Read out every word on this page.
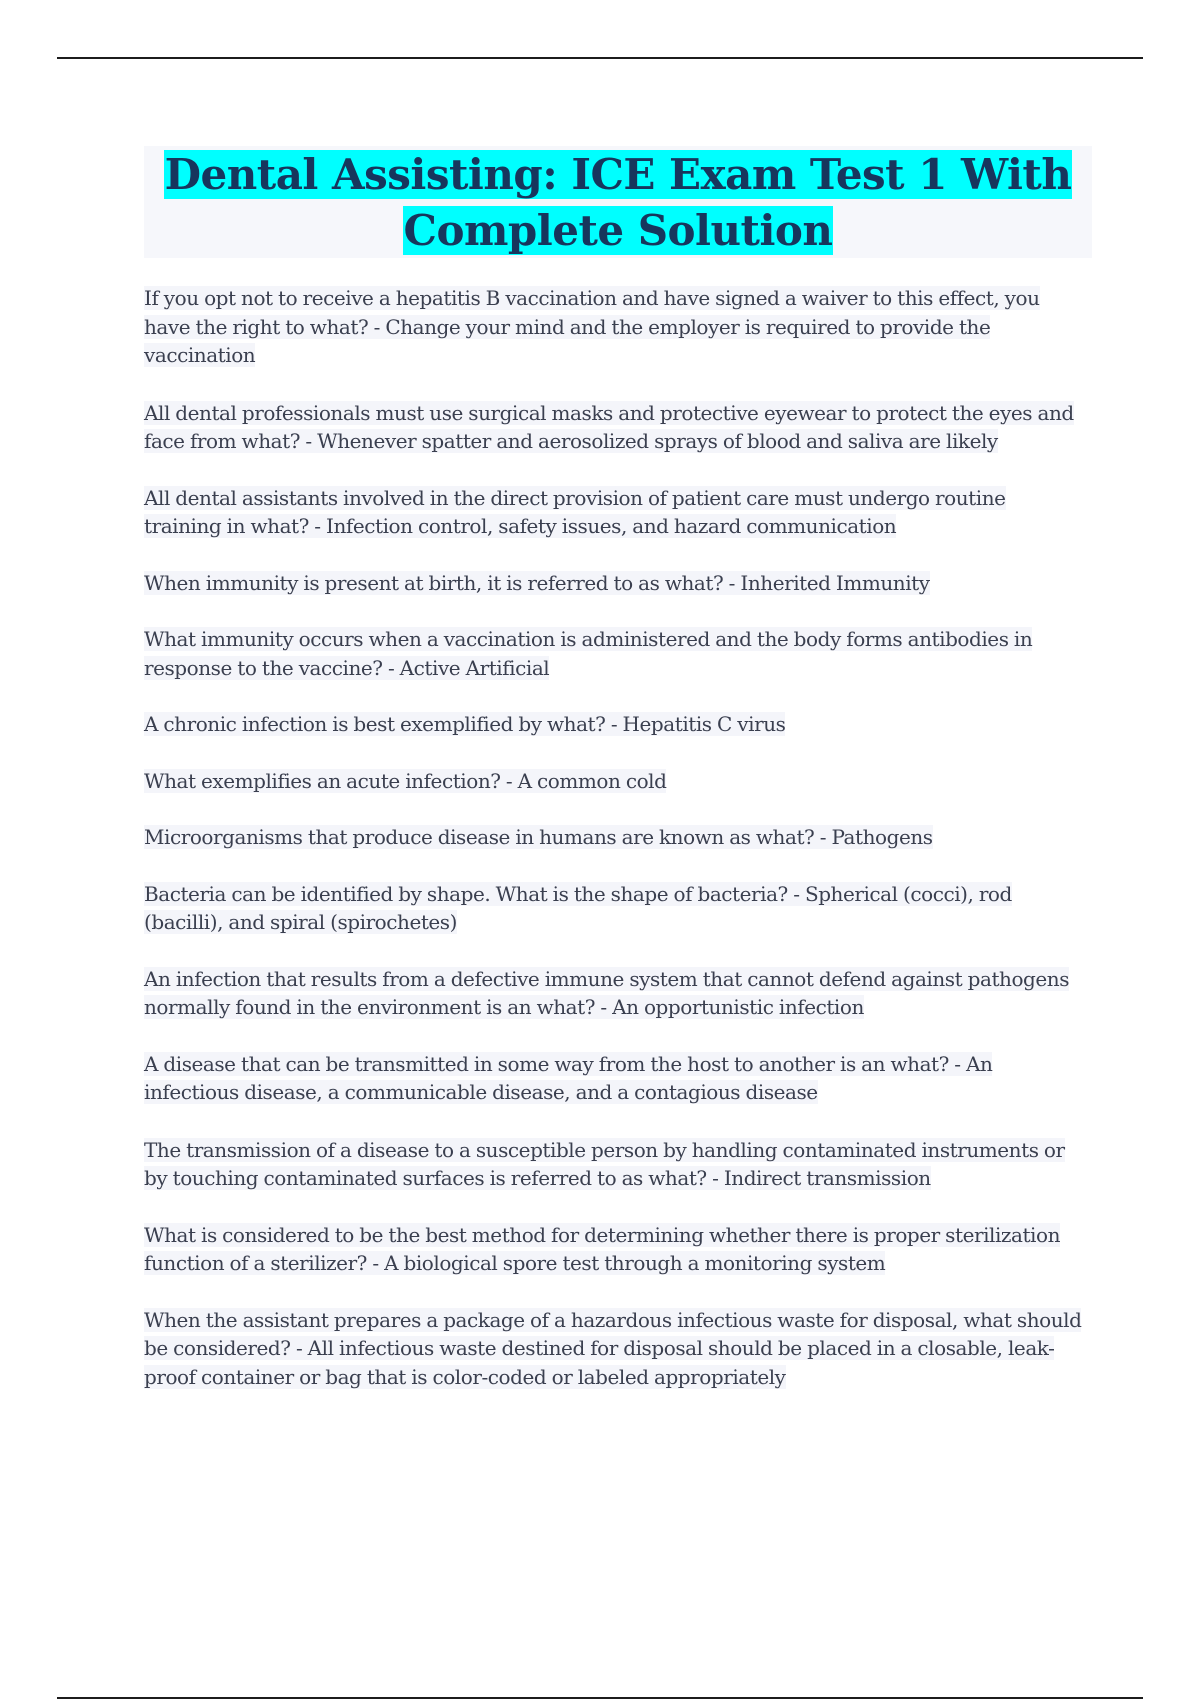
Dental Assisting: ICE Exam Test 1 With
Complete Solution
If you opt not to receive a hepatitis B vaccination and have signed a waiver to this effect, you have the right to what? - Change your mind and the employer is required to provide the vaccination
All dental professionals must use surgical masks and protective eyewear to protect the eyes and face from what? - Whenever spatter and aerosolized sprays of blood and saliva are likely
All dental assistants involved in the direct provision of patient care must undergo routine training in what? - Infection control, safety issues, and hazard communication
When immunity is present at birth, it is referred to as what? - Inherited Immunity
What immunity occurs when a vaccination is administered and the body forms antibodies in response to the vaccine? - Active Artificial
A chronic infection is best exemplified by what? - Hepatitis C virus
What exemplifies an acute infection? - A common cold
Microorganisms that produce disease in humans are known as what? - Pathogens
Bacteria can be identified by shape. What is the shape of bacteria? - Spherical (cocci), rod (bacilli), and spiral (spirochetes)
An infection that results from a defective immune system that cannot defend against pathogens normally found in the environment is an what? - An opportunistic infection
A disease that can be transmitted in some way from the host to another is an what? - An infectious disease, a communicable disease, and a contagious disease
The transmission of a disease to a susceptible person by handling contaminated instruments or by touching contaminated surfaces is referred to as what? - Indirect transmission
What is considered to be the best method for determining whether there is proper sterilization function of a sterilizer? - A biological spore test through a monitoring system
When the assistant prepares a package of a hazardous infectious waste for disposal, what should be considered? - All infectious waste destined for disposal should be placed in a closable, leak-proof container or bag that is color-coded or labeled appropriately
